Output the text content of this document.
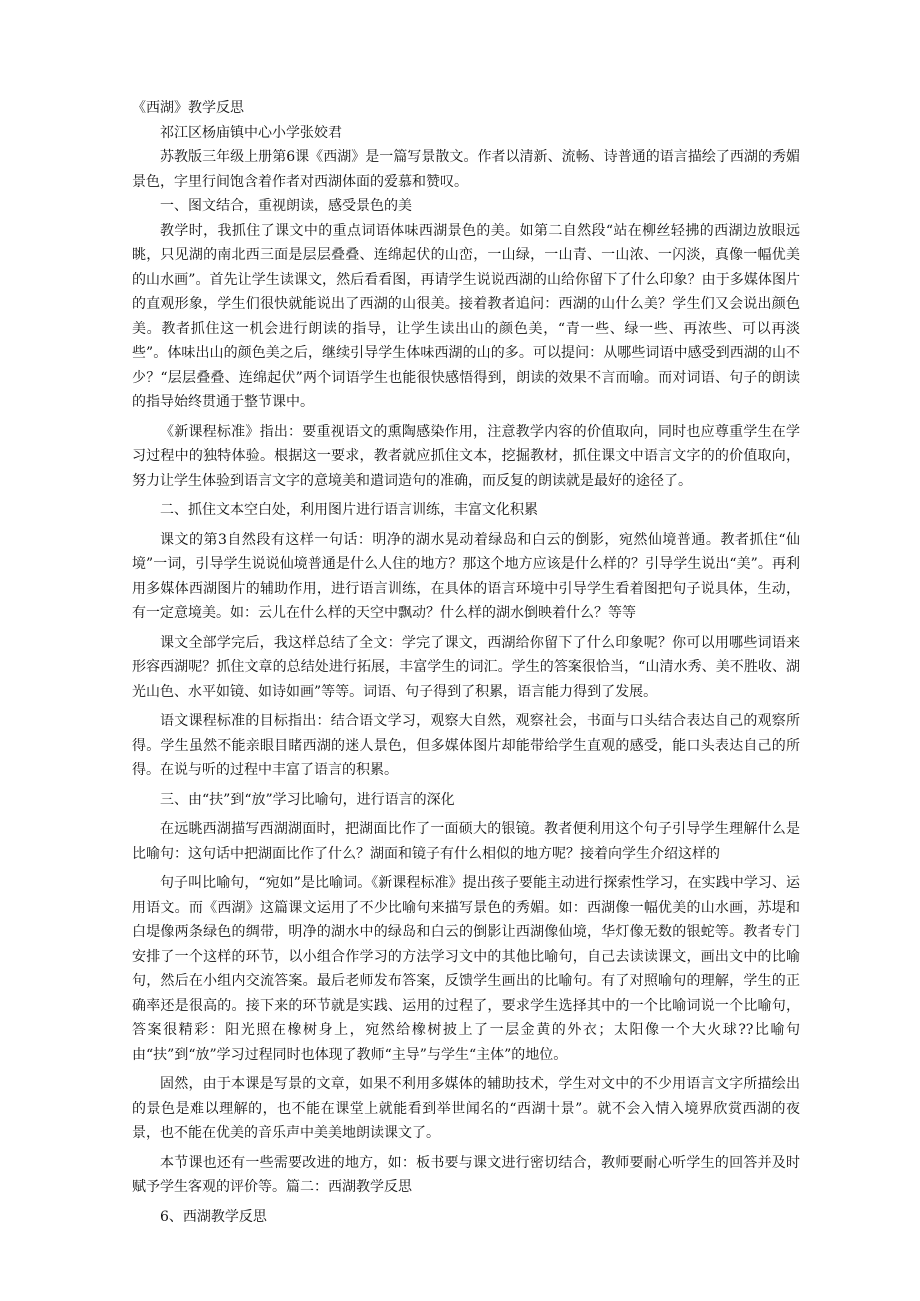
《西湖》教学反思

祁江区杨庙镇中心小学张姣君

苏教版三年级上册第6课《西湖》是一篇写景散文。作者以清新、流畅、诗普通的语言描绘了西湖的秀媚景色，字里行间饱含着作者对西湖体面的爱慕和赞叹。

一、图文结合，重视朗读，感受景色的美

教学时，我抓住了课文中的重点词语体味西湖景色的美。如第二自然段“站在柳丝轻拂的西湖边放眼远眺，只见湖的南北西三面是层层叠叠、连绵起伏的山峦，一山绿，一山青、一山浓、一闪淡，真像一幅优美的山水画”。首先让学生读课文，然后看看图，再请学生说说西湖的山给你留下了什么印象？由于多媒体图片的直观形象，学生们很快就能说出了西湖的山很美。接着教者追问：西湖的山什么美？学生们又会说出颜色美。教者抓住这一机会进行朗读的指导，让学生读出山的颜色美，“青一些、绿一些、再浓些、可以再淡些”。体味出山的颜色美之后，继续引导学生体味西湖的山的多。可以提问：从哪些词语中感受到西湖的山不少？“层层叠叠、连绵起伏”两个词语学生也能很快感悟得到，朗读的效果不言而喻。而对词语、句子的朗读的指导始终贯通于整节课中。

《新课程标准》指出：要重视语文的熏陶感染作用，注意教学内容的价值取向，同时也应尊重学生在学习过程中的独特体验。根据这一要求，教者就应抓住文本，挖掘教材，抓住课文中语言文字的的价值取向，努力让学生体验到语言文字的意境美和遣词造句的准确，而反复的朗读就是最好的途径了。

二、抓住文本空白处，利用图片进行语言训练，丰富文化积累

课文的第3自然段有这样一句话：明净的湖水晃动着绿岛和白云的倒影，宛然仙境普通。教者抓住“仙境”一词，引导学生说说仙境普通是什么人住的地方？那这个地方应该是什么样的？引导学生说出“美”。再利用多媒体西湖图片的辅助作用，进行语言训练，在具体的语言环境中引导学生看着图把句子说具体，生动，有一定意境美。如：云儿在什么样的天空中飘动？什么样的湖水倒映着什么？等等

课文全部学完后，我这样总结了全文：学完了课文，西湖给你留下了什么印象呢？你可以用哪些词语来形容西湖呢？抓住文章的总结处进行拓展，丰富学生的词汇。学生的答案很恰当，“山清水秀、美不胜收、湖光山色、水平如镜、如诗如画”等等。词语、句子得到了积累，语言能力得到了发展。

语文课程标准的目标指出：结合语文学习，观察大自然，观察社会，书面与口头结合表达自己的观察所得。学生虽然不能亲眼目睹西湖的迷人景色，但多媒体图片却能带给学生直观的感受，能口头表达自己的所得。在说与听的过程中丰富了语言的积累。

三、由“扶”到“放”学习比喻句，进行语言的深化

在远眺西湖描写西湖湖面时，把湖面比作了一面硕大的银镜。教者便利用这个句子引导学生理解什么是比喻句：这句话中把湖面比作了什么？湖面和镜子有什么相似的地方呢？接着向学生介绍这样的

句子叫比喻句，“宛如”是比喻词。《新课程标准》提出孩子要能主动进行探索性学习，在实践中学习、运用语文。而《西湖》这篇课文运用了不少比喻句来描写景色的秀媚。如：西湖像一幅优美的山水画，苏堤和白堤像两条绿色的绸带，明净的湖水中的绿岛和白云的倒影让西湖像仙境，华灯像无数的银蛇等。教者专门安排了一个这样的环节，以小组合作学习的方法学习文中的其他比喻句，自己去读读课文，画出文中的比喻句，然后在小组内交流答案。最后老师发布答案，反馈学生画出的比喻句。有了对照喻句的理解，学生的正确率还是很高的。接下来的环节就是实践、运用的过程了，要求学生选择其中的一个比喻词说一个比喻句，答案很精彩：阳光照在橡树身上，宛然给橡树披上了一层金黄的外衣；太阳像一个大火球??比喻句由“扶”到“放”学习过程同时也体现了教师“主导”与学生“主体”的地位。

固然，由于本课是写景的文章，如果不利用多媒体的辅助技术，学生对文中的不少用语言文字所描绘出的景色是难以理解的，也不能在课堂上就能看到举世闻名的“西湖十景”。就不会入情入境界欣赏西湖的夜景，也不能在优美的音乐声中美美地朗读课文了。

本节课也还有一些需要改进的地方，如：板书要与课文进行密切结合，教师要耐心听学生的回答并及时赋予学生客观的评价等。篇二：西湖教学反思

6、西湖教学反思
